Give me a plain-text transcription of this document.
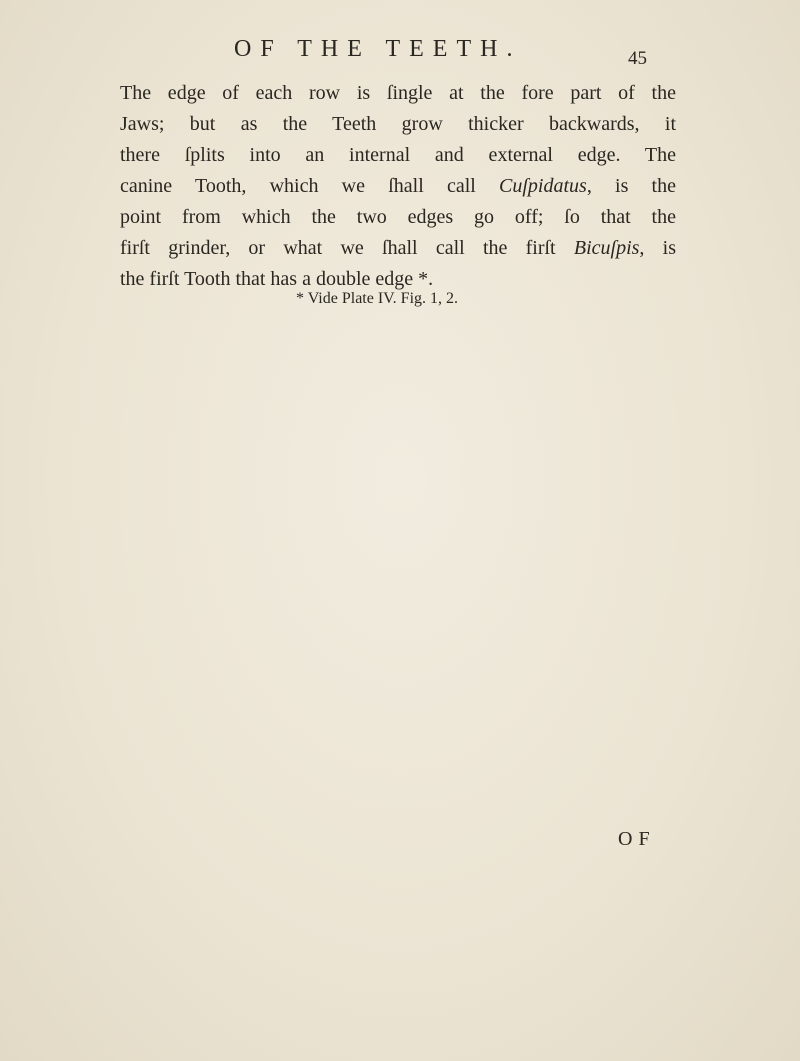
OF THE TEETH.	45
The edge of each row is ſingle at the fore part of the
Jaws; but as the Teeth grow thicker backwards, it
there ſplits into an internal and external edge. The
canine Tooth, which we ſhall call Cuſpidatus, is the
point from which the two edges go off; ſo that the
firſt grinder, or what we ſhall call the firſt Bicuſpis, is
the firſt Tooth that has a double edge *.
* Vide Plate IV. Fig. 1, 2.
OF
